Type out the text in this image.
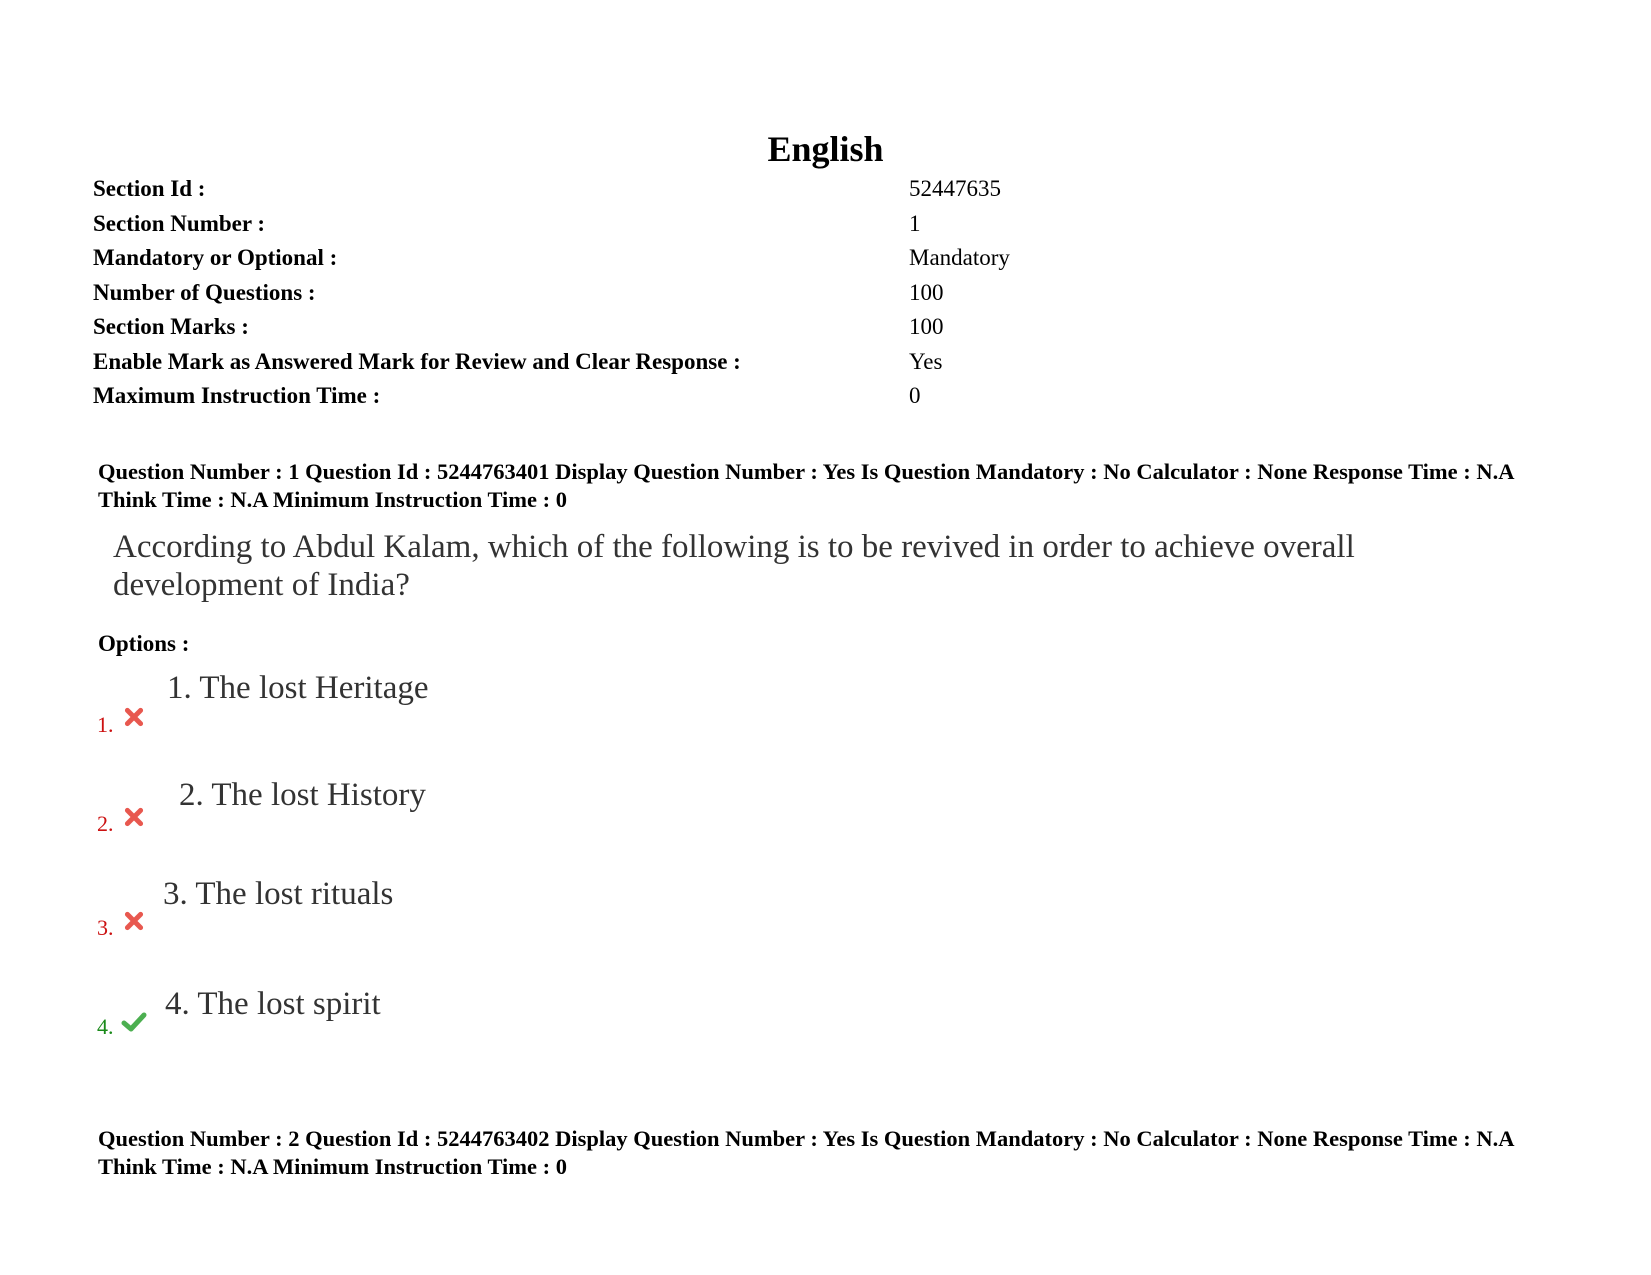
English
Section Id :	52447635
Section Number :	1
Mandatory or Optional :	Mandatory
Number of Questions :	100
Section Marks :	100
Enable Mark as Answered Mark for Review and Clear Response :	Yes
Maximum Instruction Time :	0
Question Number : 1 Question Id : 5244763401 Display Question Number : Yes Is Question Mandatory : No Calculator : None Response Time : N.A Think Time : N.A Minimum Instruction Time : 0
According to Abdul Kalam, which of the following is to be revived in order to achieve overall development of India?
Options :
1.
1. The lost Heritage
2.
2. The lost History
3.
3. The lost rituals
4.
4. The lost spirit
Question Number : 2 Question Id : 5244763402 Display Question Number : Yes Is Question Mandatory : No Calculator : None Response Time : N.A Think Time : N.A Minimum Instruction Time : 0
